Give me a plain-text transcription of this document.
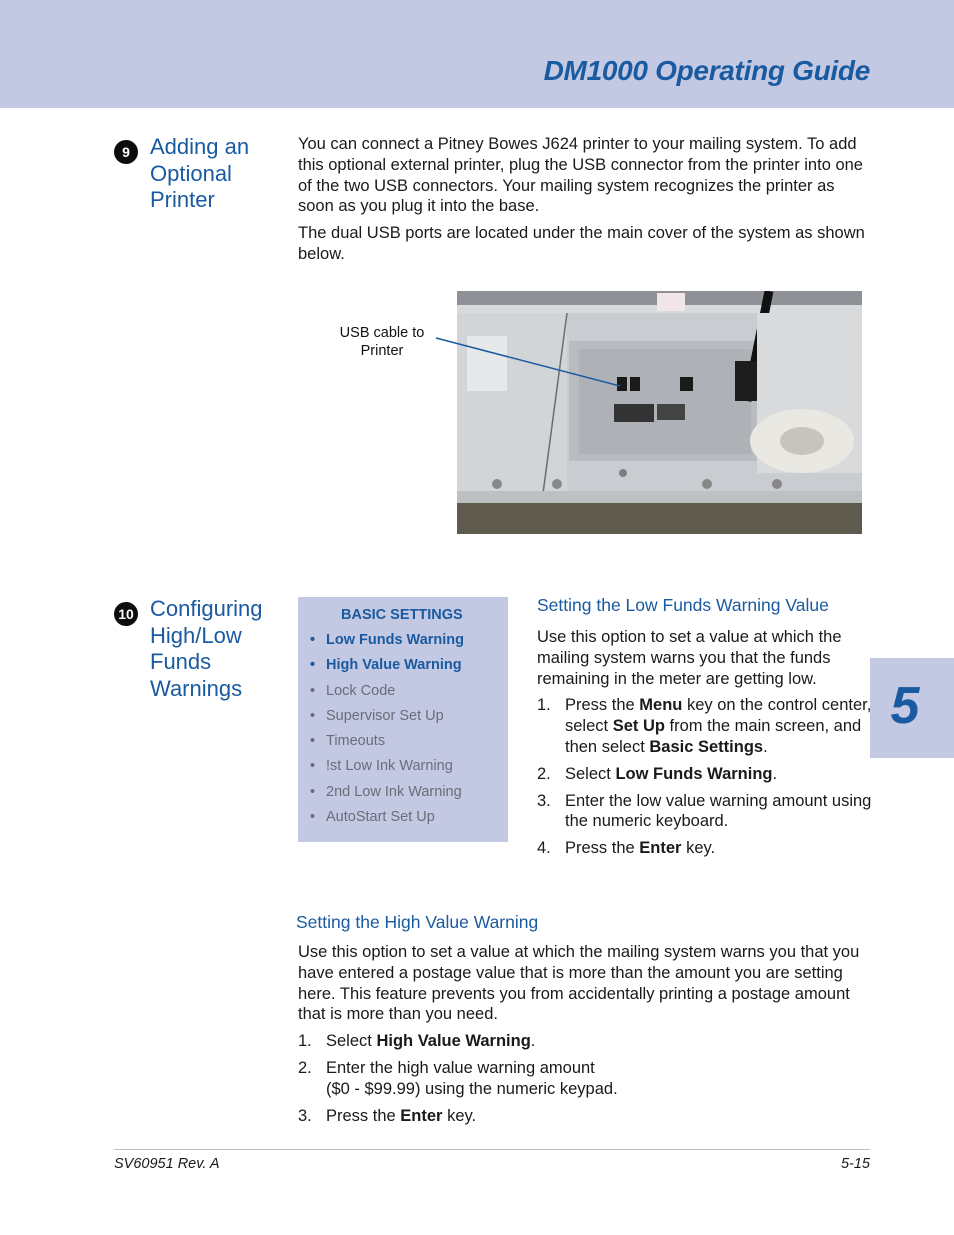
DM1000 Operating Guide
5
9 Adding an Optional Printer

You can connect a Pitney Bowes J624 printer to your mailing system. To add this optional external printer, plug the USB connector from the printer into one of the two USB connectors. Your mailing system recognizes the printer as soon as you plug it into the base.

The dual USB ports are located under the main cover of the system as shown below.

USB cable to Printer
10 Configuring High/Low Funds Warnings
BASIC SETTINGS
• Low Funds Warning
• High Value Warning
• Lock Code
• Supervisor Set Up
• Timeouts
• !st Low Ink Warning
• 2nd Low Ink Warning
• AutoStart Set Up
Setting the Low Funds Warning Value

Use this option to set a value at which the mailing system warns you that the funds remaining in the meter are getting low.

1. Press the Menu key on the control center, select Set Up from the main screen, and then select Basic Settings.
2. Select Low Funds Warning.
3. Enter the low value warning amount using the numeric keyboard.
4. Press the Enter key.
Setting the High Value Warning

Use this option to set a value at which the mailing system warns you that you have entered a postage value that is more than the amount you are setting here. This feature prevents you from accidentally printing a postage amount that is more than you need.

1. Select High Value Warning.
2. Enter the high value warning amount
($0 - $99.99) using the numeric keypad.
3. Press the Enter key.
SV60951 Rev. A	5-15
